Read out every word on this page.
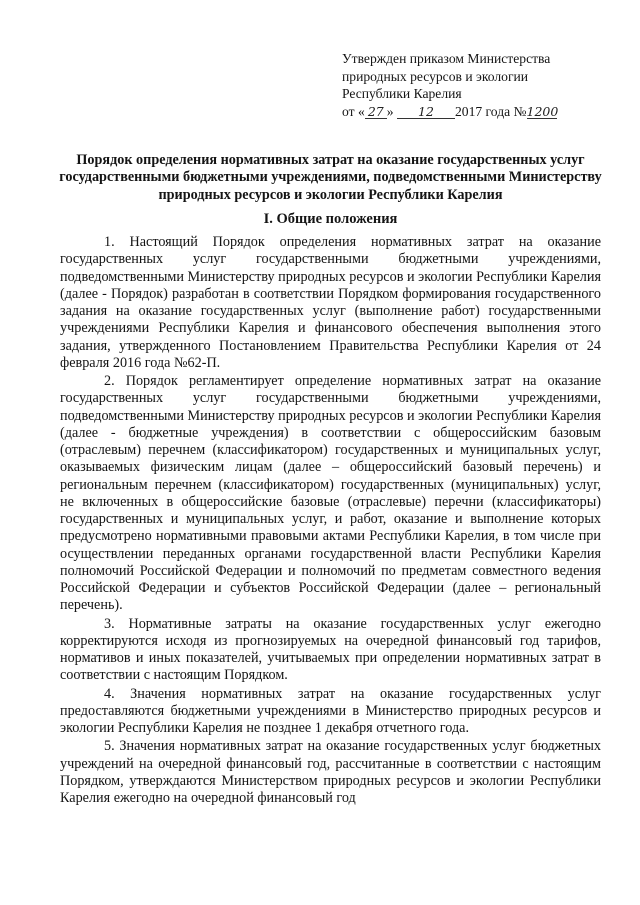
Утвержден приказом Министерства
природных ресурсов и экологии
Республики Карелия
от « 27 » 12 2017 года №1200
Порядок определения нормативных затрат на оказание государственных услуг государственными бюджетными учреждениями, подведомственными Министерству природных ресурсов и экологии Республики Карелия
I. Общие положения

1. Настоящий Порядок определения нормативных затрат на оказание государственных услуг государственными бюджетными учреждениями, подведомственными Министерству природных ресурсов и экологии Республики Карелия (далее - Порядок) разработан в соответствии Порядком формирования государственного задания на оказание государственных услуг (выполнение работ) государственными учреждениями Республики Карелия и финансового обеспечения выполнения этого задания, утвержденного Постановлением Правительства Республики Карелия от 24 февраля 2016 года №62-П.

2. Порядок регламентирует определение нормативных затрат на оказание государственных услуг государственными бюджетными учреждениями, подведомственными Министерству природных ресурсов и экологии Республики Карелия (далее - бюджетные учреждения) в соответствии с общероссийским базовым (отраслевым) перечнем (классификатором) государственных и муниципальных услуг, оказываемых физическим лицам (далее – общероссийский базовый перечень) и региональным перечнем (классификатором) государственных (муниципальных) услуг, не включенных в общероссийские базовые (отраслевые) перечни (классификаторы) государственных и муниципальных услуг, и работ, оказание и выполнение которых предусмотрено нормативными правовыми актами Республики Карелия, в том числе при осуществлении переданных органами государственной власти Республики Карелия полномочий Российской Федерации и полномочий по предметам совместного ведения Российской Федерации и субъектов Российской Федерации (далее – региональный перечень).

3. Нормативные затраты на оказание государственных услуг ежегодно корректируются исходя из прогнозируемых на очередной финансовый год тарифов, нормативов и иных показателей, учитываемых при определении нормативных затрат в соответствии с настоящим Порядком.

4. Значения нормативных затрат на оказание государственных услуг предоставляются бюджетными учреждениями в Министерство природных ресурсов и экологии Республики Карелия не позднее 1 декабря отчетного года.

5. Значения нормативных затрат на оказание государственных услуг бюджетных учреждений на очередной финансовый год, рассчитанные в соответствии с настоящим Порядком, утверждаются Министерством природных ресурсов и экологии Республики Карелия ежегодно на очередной финансовый год
